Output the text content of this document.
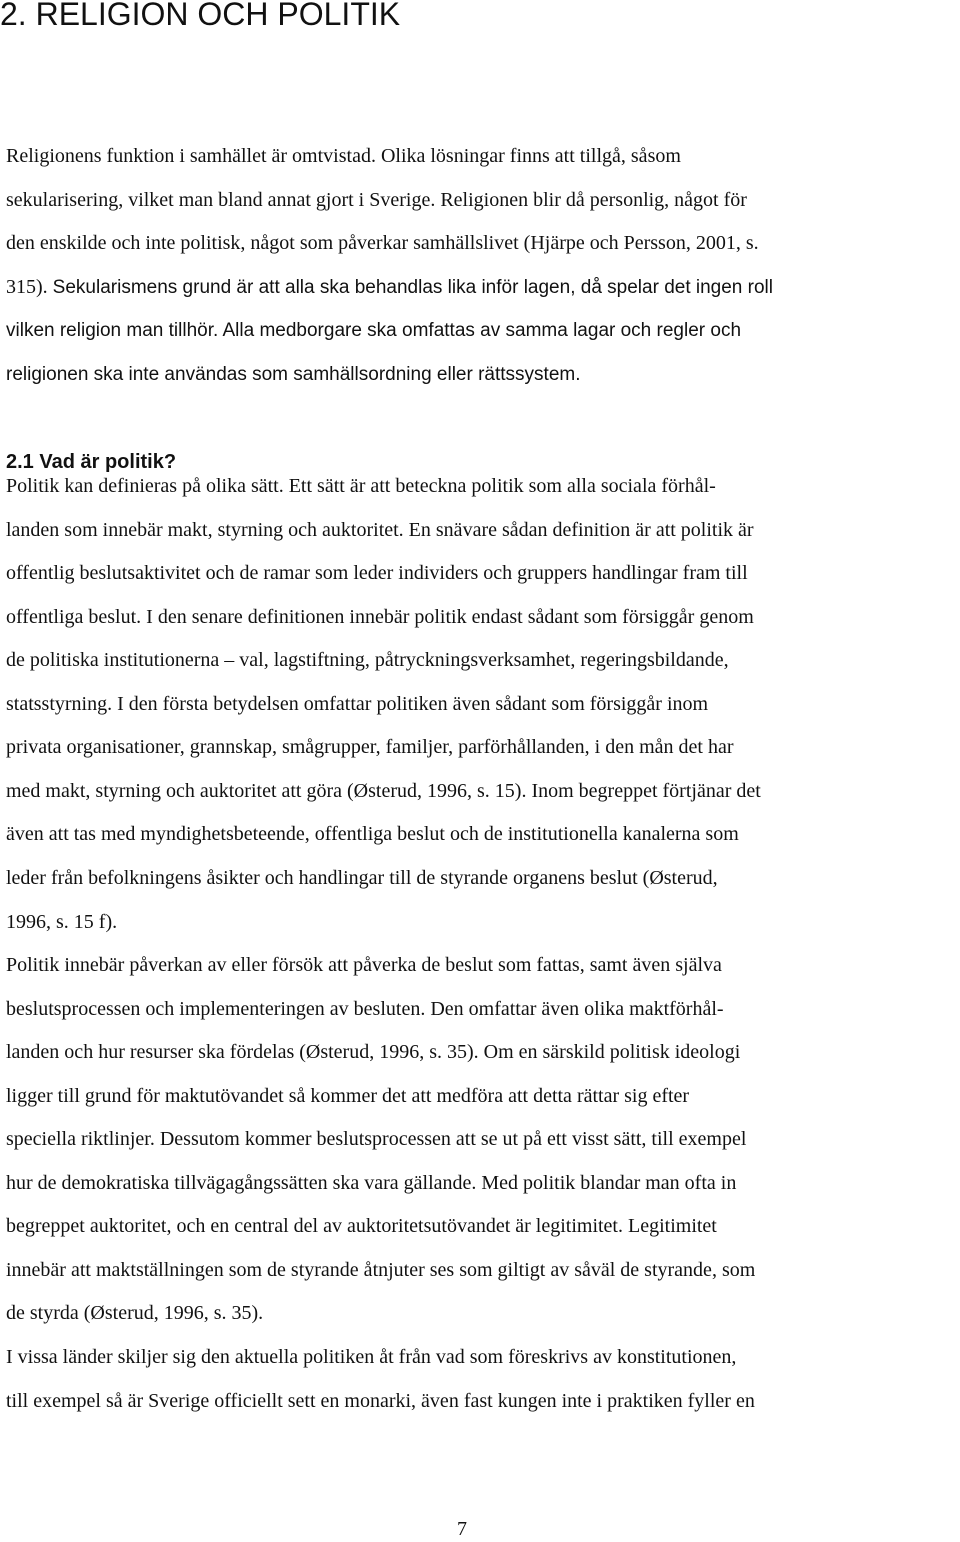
2. RELIGION OCH POLITIK
Religionens funktion i samhället är omtvistad. Olika lösningar finns att tillgå, såsom
sekularisering, vilket man bland annat gjort i Sverige. Religionen blir då personlig, något för
den enskilde och inte politisk, något som påverkar samhällslivet (Hjärpe och Persson, 2001, s.
315). Sekularismens grund är att alla ska behandlas lika inför lagen, då spelar det ingen roll
vilken religion man tillhör. Alla medborgare ska omfattas av samma lagar och regler och
religionen ska inte användas som samhällsordning eller rättssystem.
2.1 Vad är politik?
Politik kan definieras på olika sätt. Ett sätt är att beteckna politik som alla sociala förhål-
landen som innebär makt, styrning och auktoritet. En snävare sådan definition är att politik är
offentlig beslutsaktivitet och de ramar som leder individers och gruppers handlingar fram till
offentliga beslut. I den senare definitionen innebär politik endast sådant som försiggår genom
de politiska institutionerna – val, lagstiftning, påtryckningsverksamhet, regeringsbildande,
statsstyrning. I den första betydelsen omfattar politiken även sådant som försiggår inom
privata organisationer, grannskap, smågrupper, familjer, parförhållanden, i den mån det har
med makt, styrning och auktoritet att göra (Østerud, 1996, s. 15). Inom begreppet förtjänar det
även att tas med myndighetsbeteende, offentliga beslut och de institutionella kanalerna som
leder från befolkningens åsikter och handlingar till de styrande organens beslut (Østerud,
1996, s. 15 f).
Politik innebär påverkan av eller försök att påverka de beslut som fattas, samt även själva
beslutsprocessen och implementeringen av besluten. Den omfattar även olika maktförhål-
landen och hur resurser ska fördelas (Østerud, 1996, s. 35). Om en särskild politisk ideologi
ligger till grund för maktutövandet så kommer det att medföra att detta rättar sig efter
speciella riktlinjer. Dessutom kommer beslutsprocessen att se ut på ett visst sätt, till exempel
hur de demokratiska tillvägagångssätten ska vara gällande. Med politik blandar man ofta in
begreppet auktoritet, och en central del av auktoritetsutövandet är legitimitet. Legitimitet
innebär att maktställningen som de styrande åtnjuter ses som giltigt av såväl de styrande, som
de styrda (Østerud, 1996, s. 35).
I vissa länder skiljer sig den aktuella politiken åt från vad som föreskrivs av konstitutionen,
till exempel så är Sverige officiellt sett en monarki, även fast kungen inte i praktiken fyller en
7
